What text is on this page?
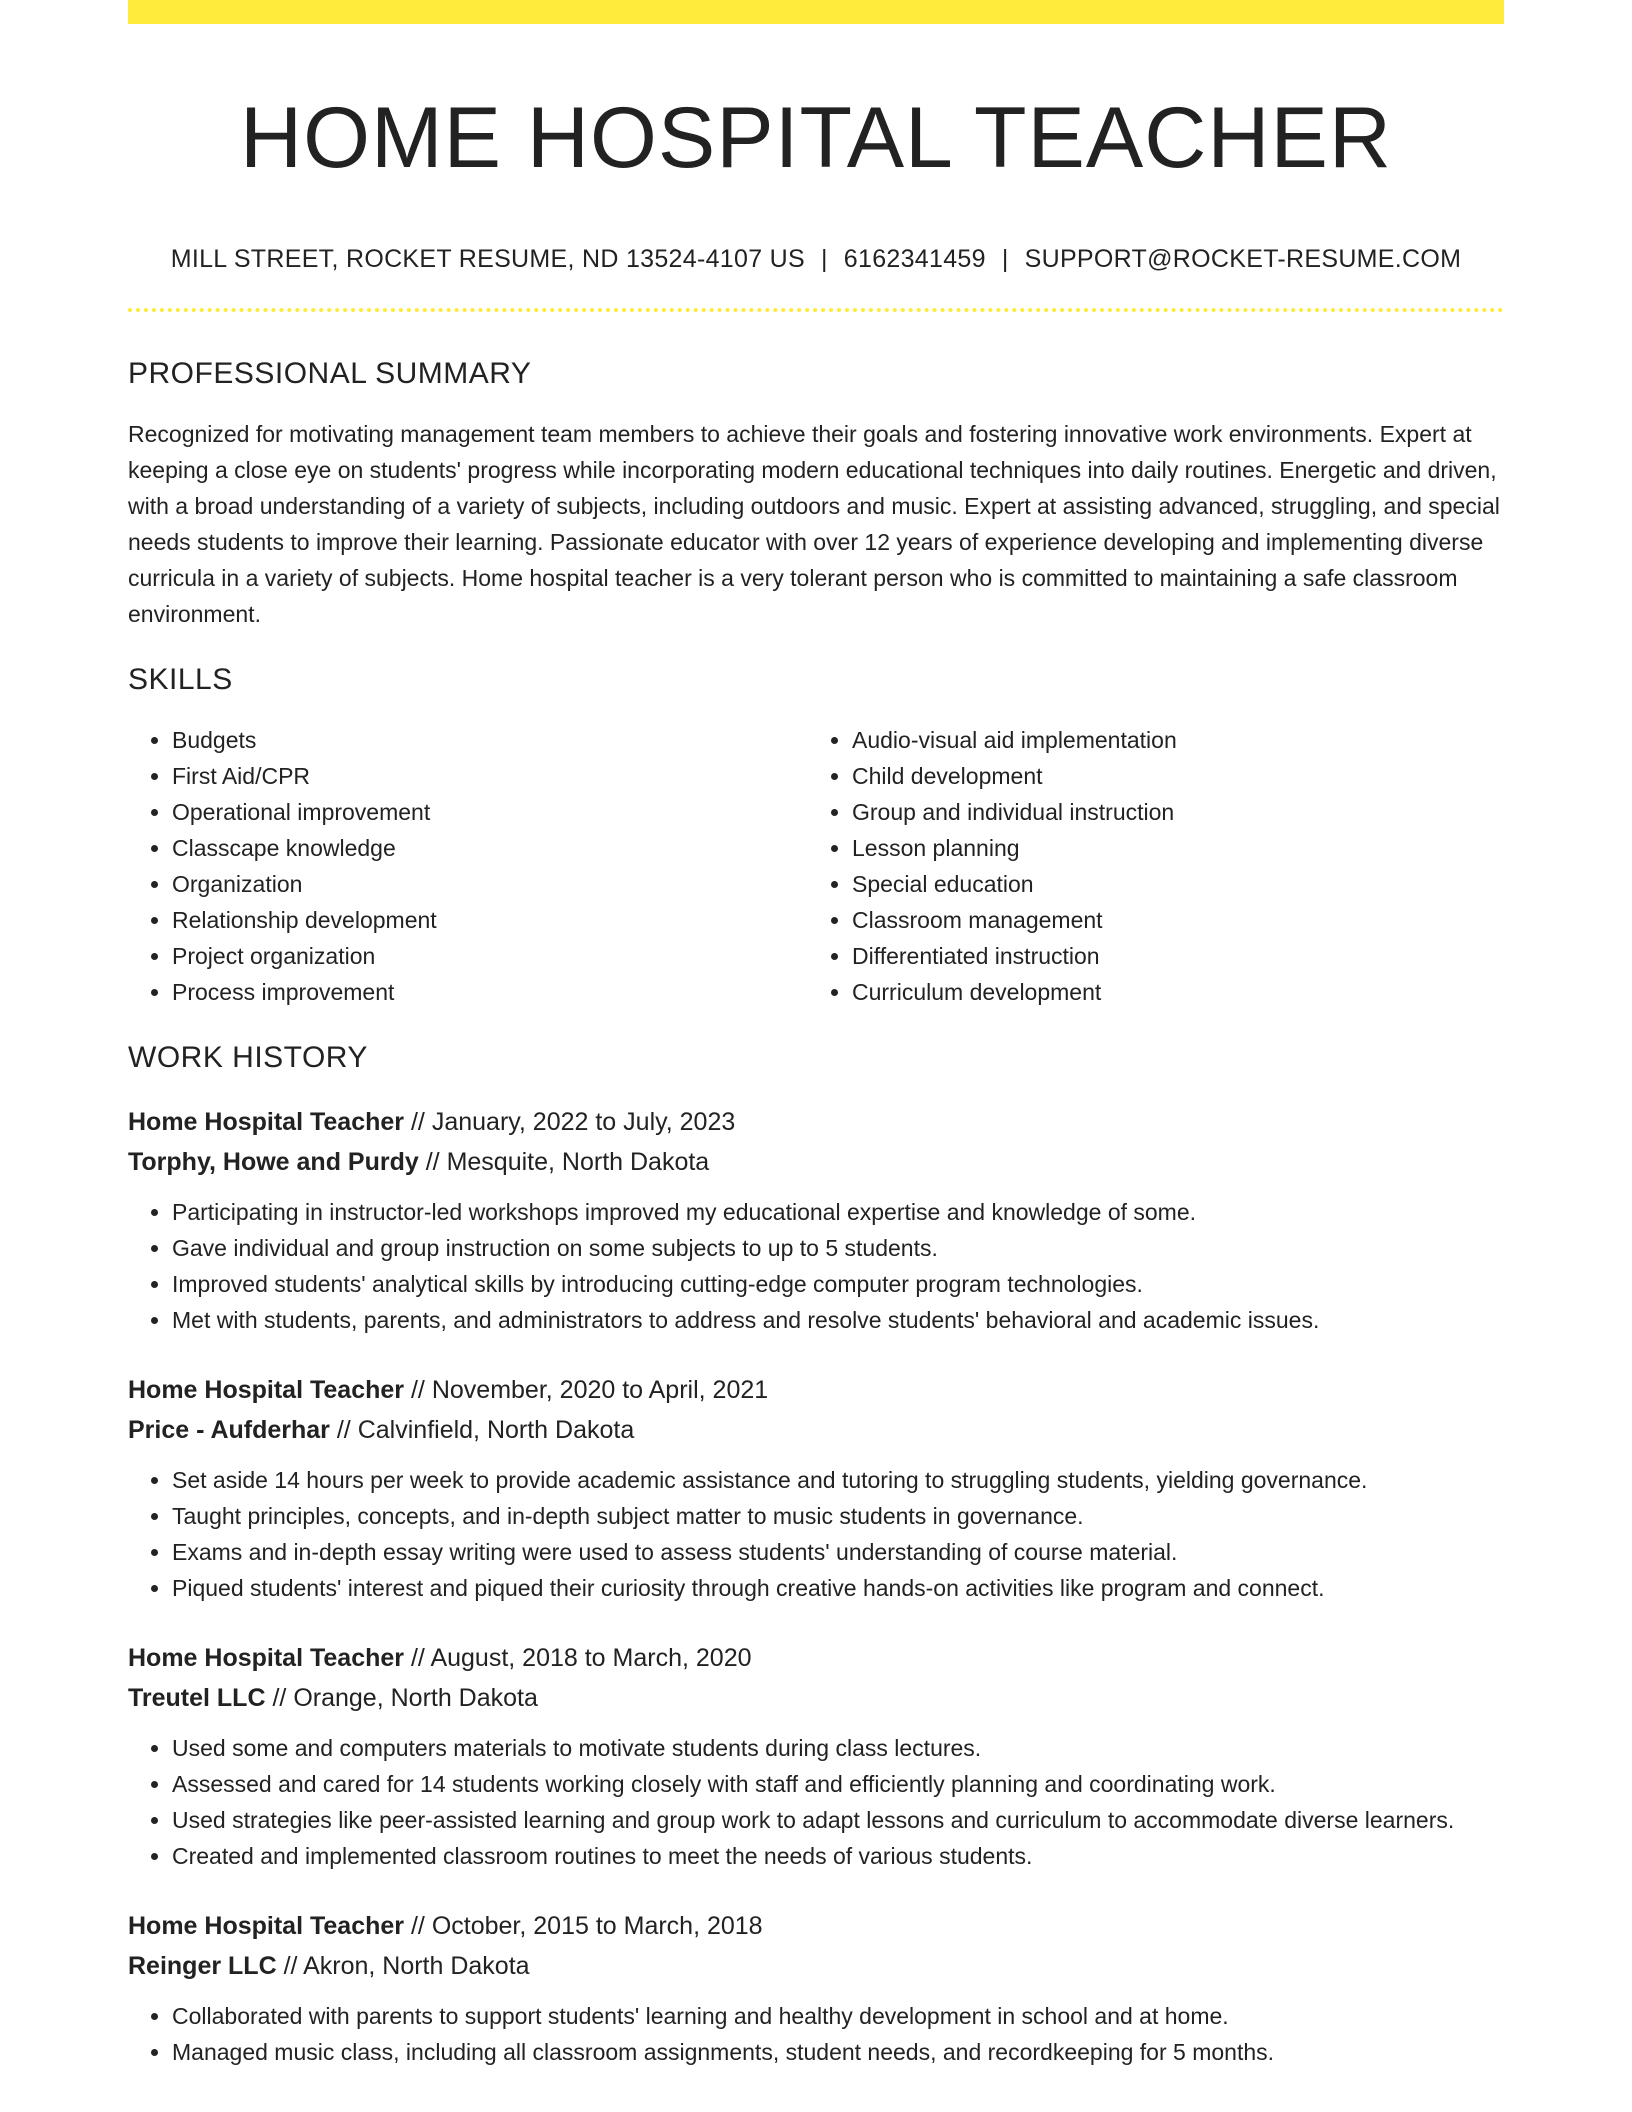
HOME HOSPITAL TEACHER
MILL STREET, ROCKET RESUME, ND 13524-4107 US | 6162341459 | SUPPORT@ROCKET-RESUME.COM
PROFESSIONAL SUMMARY
Recognized for motivating management team members to achieve their goals and fostering innovative work environments. Expert at keeping a close eye on students' progress while incorporating modern educational techniques into daily routines. Energetic and driven, with a broad understanding of a variety of subjects, including outdoors and music. Expert at assisting advanced, struggling, and special needs students to improve their learning. Passionate educator with over 12 years of experience developing and implementing diverse curricula in a variety of subjects. Home hospital teacher is a very tolerant person who is committed to maintaining a safe classroom environment.
SKILLS
• Budgets
• First Aid/CPR
• Operational improvement
• Classcape knowledge
• Organization
• Relationship development
• Project organization
• Process improvement
• Audio-visual aid implementation
• Child development
• Group and individual instruction
• Lesson planning
• Special education
• Classroom management
• Differentiated instruction
• Curriculum development
WORK HISTORY
Home Hospital Teacher // January, 2022 to July, 2023
Torphy, Howe and Purdy // Mesquite, North Dakota
• Participating in instructor-led workshops improved my educational expertise and knowledge of some.
• Gave individual and group instruction on some subjects to up to 5 students.
• Improved students' analytical skills by introducing cutting-edge computer program technologies.
• Met with students, parents, and administrators to address and resolve students' behavioral and academic issues.
Home Hospital Teacher // November, 2020 to April, 2021
Price - Aufderhar // Calvinfield, North Dakota
• Set aside 14 hours per week to provide academic assistance and tutoring to struggling students, yielding governance.
• Taught principles, concepts, and in-depth subject matter to music students in governance.
• Exams and in-depth essay writing were used to assess students' understanding of course material.
• Piqued students' interest and piqued their curiosity through creative hands-on activities like program and connect.
Home Hospital Teacher // August, 2018 to March, 2020
Treutel LLC // Orange, North Dakota
• Used some and computers materials to motivate students during class lectures.
• Assessed and cared for 14 students working closely with staff and efficiently planning and coordinating work.
• Used strategies like peer-assisted learning and group work to adapt lessons and curriculum to accommodate diverse learners.
• Created and implemented classroom routines to meet the needs of various students.
Home Hospital Teacher // October, 2015 to March, 2018
Reinger LLC // Akron, North Dakota
• Collaborated with parents to support students' learning and healthy development in school and at home.
• Managed music class, including all classroom assignments, student needs, and recordkeeping for 5 months.
